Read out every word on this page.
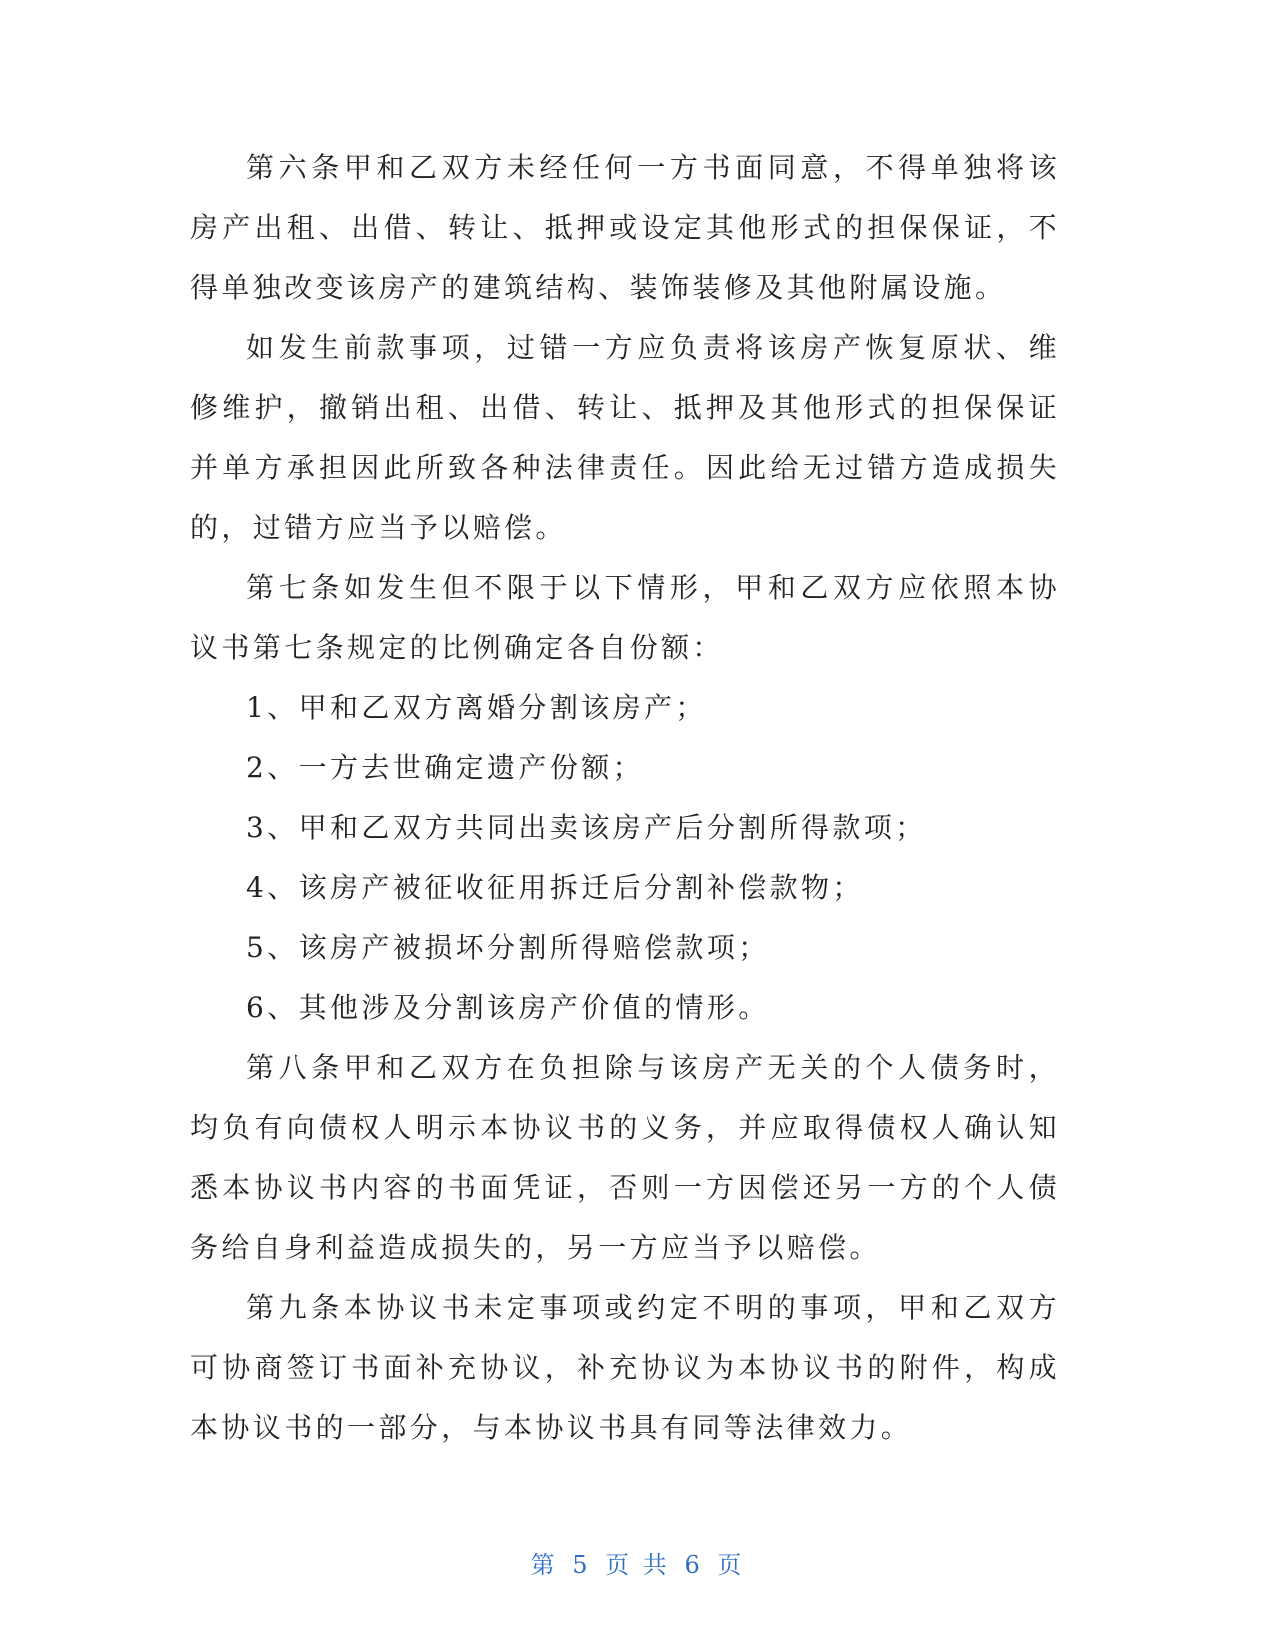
第六条甲和乙双方未经任何一方书面同意，不得单独将该房产出租、出借、转让、抵押或设定其他形式的担保保证，不得单独改变该房产的建筑结构、装饰装修及其他附属设施。

如发生前款事项，过错一方应负责将该房产恢复原状、维修维护，撤销出租、出借、转让、抵押及其他形式的担保保证并单方承担因此所致各种法律责任。因此给无过错方造成损失的，过错方应当予以赔偿。

第七条如发生但不限于以下情形，甲和乙双方应依照本协议书第七条规定的比例确定各自份额：

1、甲和乙双方离婚分割该房产；

2、一方去世确定遗产份额；

3、甲和乙双方共同出卖该房产后分割所得款项；

4、该房产被征收征用拆迁后分割补偿款物；

5、该房产被损坏分割所得赔偿款项；

6、其他涉及分割该房产价值的情形。

第八条甲和乙双方在负担除与该房产无关的个人债务时，均负有向债权人明示本协议书的义务，并应取得债权人确认知悉本协议书内容的书面凭证，否则一方因偿还另一方的个人债务给自身利益造成损失的，另一方应当予以赔偿。

第九条本协议书未定事项或约定不明的事项，甲和乙双方可协商签订书面补充协议，补充协议为本协议书的附件，构成本协议书的一部分，与本协议书具有同等法律效力。

第 5 页 共 6 页
